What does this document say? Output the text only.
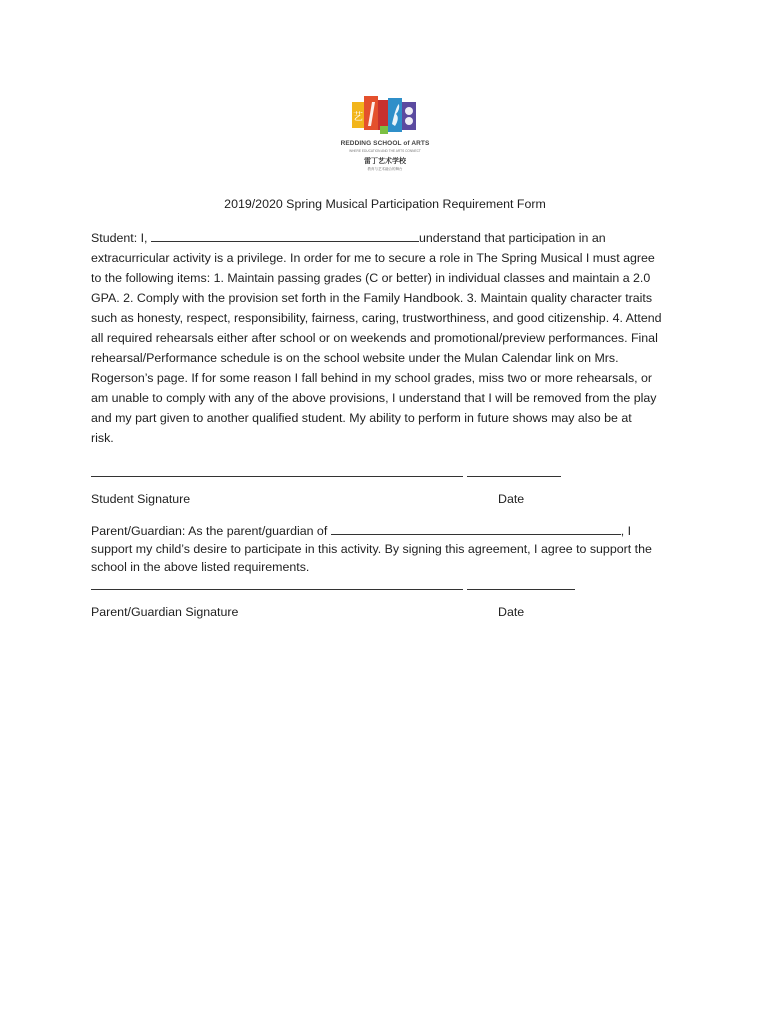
艺
REDDING SCHOOL of ARTS
WHERE EDUCATION AND THE ARTS CONNECT
雷丁艺术学校
教育与艺术融合的舞台
2019/2020 Spring Musical Participation Requirement Form
Student: I,	understand that participation in an
extracurricular activity is a privilege. In order for me to secure a role in The Spring Musical I must agree
to the following items: 1. Maintain passing grades (C or better) in individual classes and maintain a 2.0
GPA. 2. Comply with the provision set forth in the Family Handbook. 3. Maintain quality character traits
such as honesty, respect, responsibility, fairness, caring, trustworthiness, and good citizenship. 4. Attend
all required rehearsals either after school or on weekends and promotional/preview performances. Final
rehearsal/Performance schedule is on the school website under the Mulan Calendar link on Mrs.
Rogerson’s page. If for some reason I fall behind in my school grades, miss two or more rehearsals, or
am unable to comply with any of the above provisions, I understand that I will be removed from the play
and my part given to another qualified student. My ability to perform in future shows may also be at
risk.
Student Signature	Date
Parent/Guardian: As the parent/guardian of	, I
support my child’s desire to participate in this activity. By signing this agreement, I agree to support the
school in the above listed requirements.
Parent/Guardian Signature	Date
